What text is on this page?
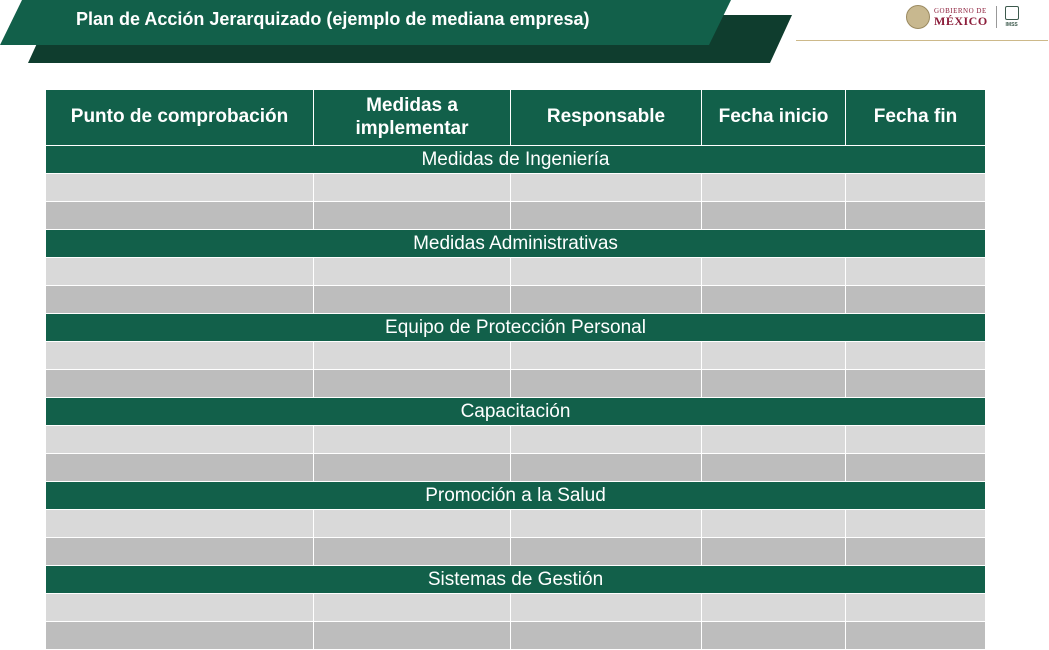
Plan de Acción Jerarquizado (ejemplo de mediana empresa)	GOBIERNO DE
MÉXICO	IMSS
Punto de comprobación	Medidas a implementar	Responsable	Fecha inicio	Fecha fin
Medidas de Ingeniería				

Medidas Administrativas				

Equipo de Protección Personal				

Capacitación				

Promoción a la Salud				

Sistemas de Gestión				
